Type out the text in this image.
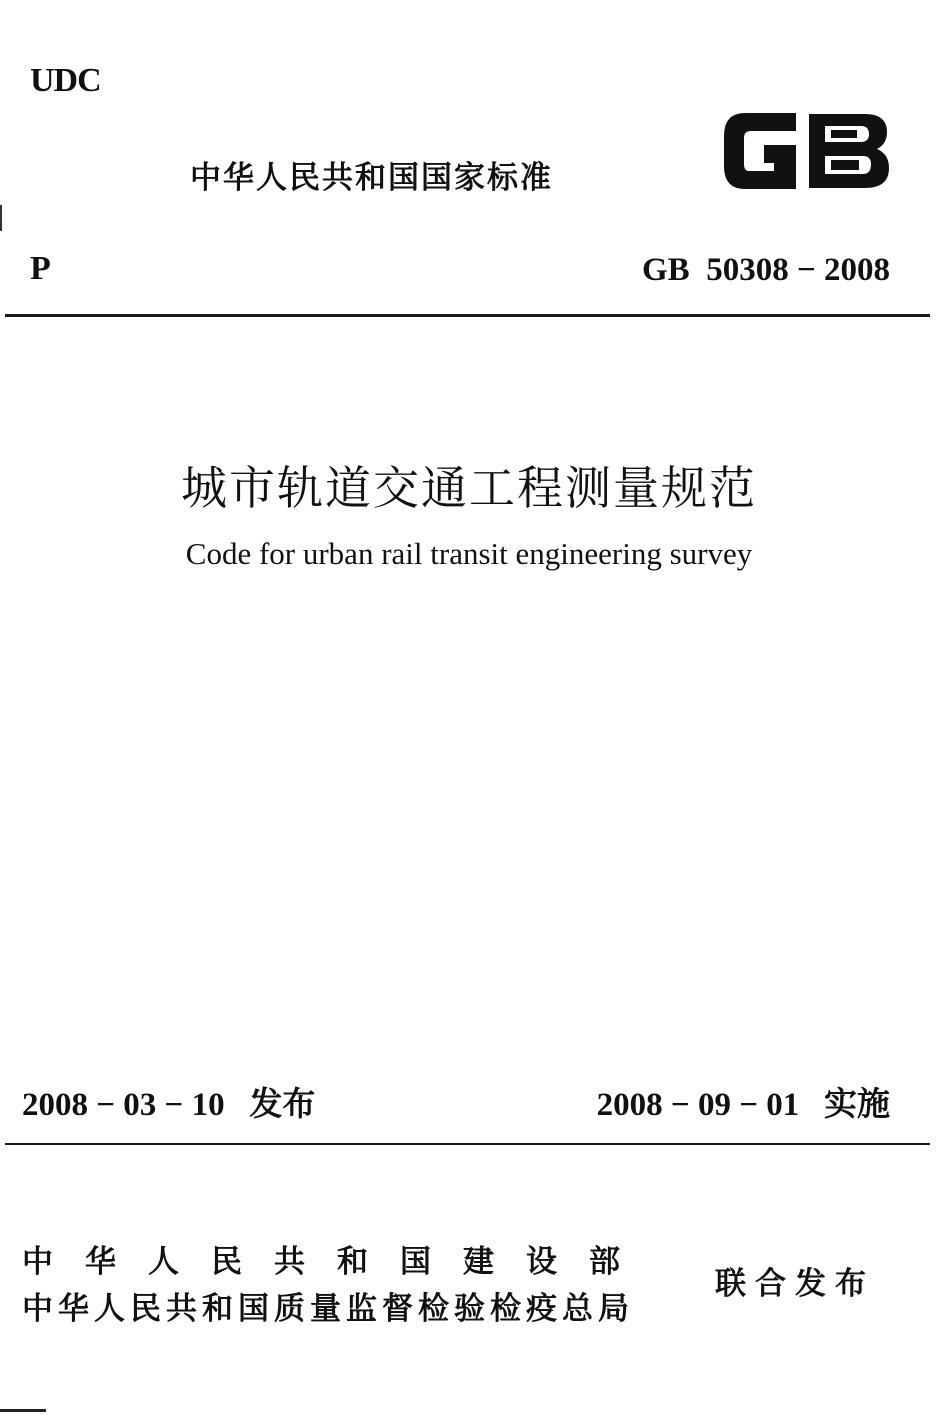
UDC
中华人民共和国国家标准
P	GB  50308 − 2008
城市轨道交通工程测量规范
Code for urban rail transit engineering survey
2008 − 03 − 10 发布	2008 − 09 − 01 实施
中华人民共和国建设部
中华人民共和国质量监督检验检疫总局
联合发布
